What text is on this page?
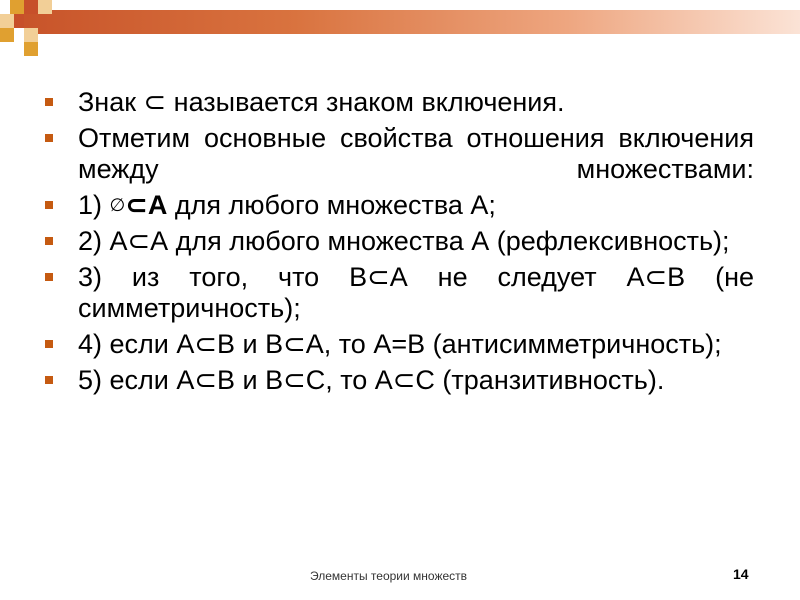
Знак ⊂ называется знаком включения.
Отметим основные свойства отношения включения между множествами:
1) ∅⊂A для любого множества А;
2) А⊂А для любого множества А (рефлексивность);
3) из того, что В⊂А не следует А⊂В (не симметричность);
4) если А⊂В и В⊂А, то А=В (антисимметричность);
5) если А⊂В и В⊂С, то А⊂С (транзитивность).
Элементы теории множеств	14
